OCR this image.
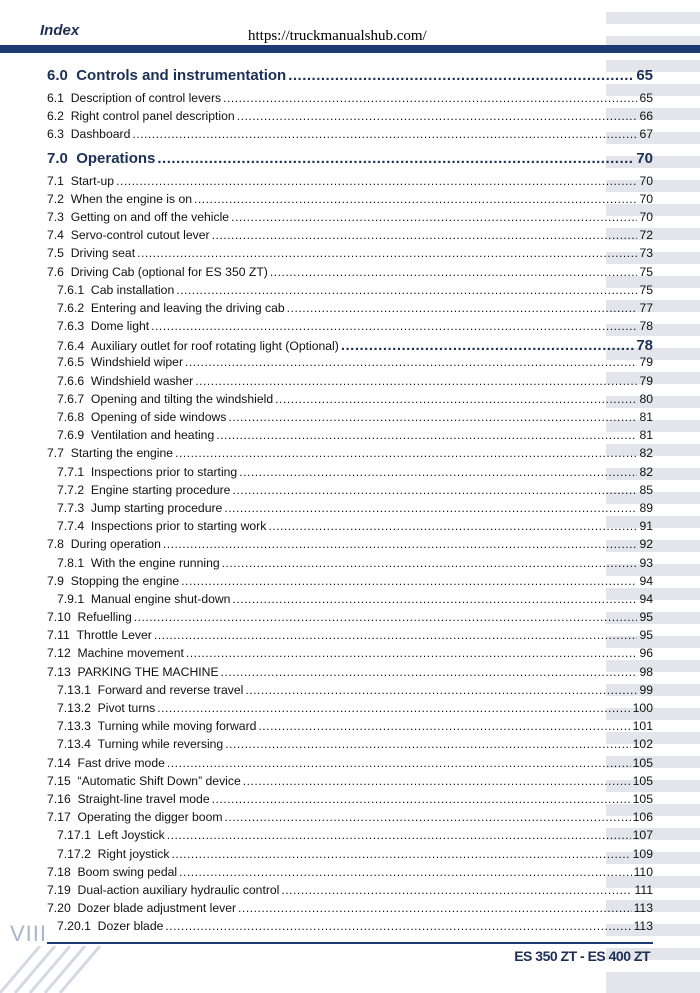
Index	https://truckmanualshub.com/
6.0 Controls and instrumentation .....	65
6.1 Description of control levers .....	65
6.2 Right control panel description .....	66
6.3 Dashboard .....	67
7.0 Operations .....	70
7.1 Start-up .....	70
7.2 When the engine is on .....	70
7.3 Getting on and off the vehicle .....	70
7.4 Servo-control cutout lever .....	72
7.5 Driving seat .....	73
7.6 Driving Cab (optional for ES 350 ZT) .....	75
7.6.1 Cab installation .....	75
7.6.2 Entering and leaving the driving cab .....	77
7.6.3 Dome light .....	78
7.6.4 Auxiliary outlet for roof rotating light (Optional) .....	78
7.6.5 Windshield wiper .....	79
7.6.6 Windshield washer .....	79
7.6.7 Opening and tilting the windshield .....	80
7.6.8 Opening of side windows .....	81
7.6.9 Ventilation and heating .....	81
7.7 Starting the engine .....	82
7.7.1 Inspections prior to starting .....	82
7.7.2 Engine starting procedure .....	85
7.7.3 Jump starting procedure .....	89
7.7.4 Inspections prior to starting work .....	91
7.8 During operation .....	92
7.8.1 With the engine running .....	93
7.9 Stopping the engine .....	94
7.9.1 Manual engine shut-down .....	94
7.10 Refuelling .....	95
7.11 Throttle Lever .....	95
7.12 Machine movement .....	96
7.13 PARKING THE MACHINE .....	98
7.13.1 Forward and reverse travel .....	99
7.13.2 Pivot turns .....	100
7.13.3 Turning while moving forward .....	101
7.13.4 Turning while reversing .....	102
7.14 Fast drive mode .....	105
7.15 “Automatic Shift Down” device .....	105
7.16 Straight-line travel mode .....	105
7.17 Operating the digger boom .....	106
7.17.1 Left Joystick .....	107
7.17.2 Right joystick .....	109
7.18 Boom swing pedal .....	110
7.19 Dual-action auxiliary hydraulic control .....	111
7.20 Dozer blade adjustment lever .....	113
7.20.1 Dozer blade .....	113
VIII
ES 350 ZT - ES 400 ZT
